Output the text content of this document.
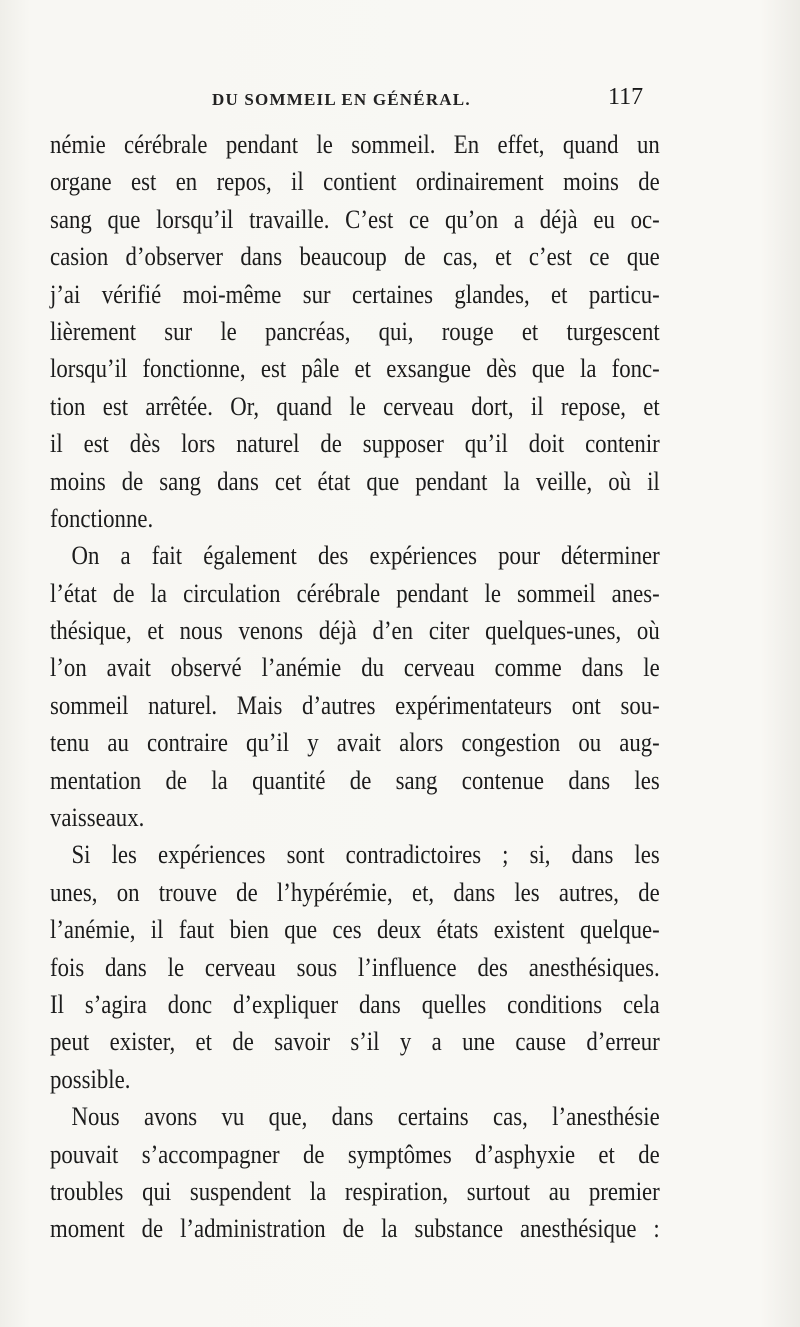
DU SOMMEIL EN GÉNÉRAL.	117
némie cérébrale pendant le sommeil. En effet, quand un
organe est en repos, il contient ordinairement moins de
sang que lorsqu’il travaille. C’est ce qu’on a déjà eu oc-
casion d’observer dans beaucoup de cas, et c’est ce que
j’ai vérifié moi-même sur certaines glandes, et particu-
lièrement sur le pancréas, qui, rouge et turgescent
lorsqu’il fonctionne, est pâle et exsangue dès que la fonc-
tion est arrêtée. Or, quand le cerveau dort, il repose, et
il est dès lors naturel de supposer qu’il doit contenir
moins de sang dans cet état que pendant la veille, où il
fonctionne.
On a fait également des expériences pour déterminer
l’état de la circulation cérébrale pendant le sommeil anes-
thésique, et nous venons déjà d’en citer quelques-unes, où
l’on avait observé l’anémie du cerveau comme dans le
sommeil naturel. Mais d’autres expérimentateurs ont sou-
tenu au contraire qu’il y avait alors congestion ou aug-
mentation de la quantité de sang contenue dans les
vaisseaux.
Si les expériences sont contradictoires ; si, dans les
unes, on trouve de l’hypérémie, et, dans les autres, de
l’anémie, il faut bien que ces deux états existent quelque-
fois dans le cerveau sous l’influence des anesthésiques.
Il s’agira donc d’expliquer dans quelles conditions cela
peut exister, et de savoir s’il y a une cause d’erreur
possible.
Nous avons vu que, dans certains cas, l’anesthésie
pouvait s’accompagner de symptômes d’asphyxie et de
troubles qui suspendent la respiration, surtout au premier
moment de l’administration de la substance anesthésique :
